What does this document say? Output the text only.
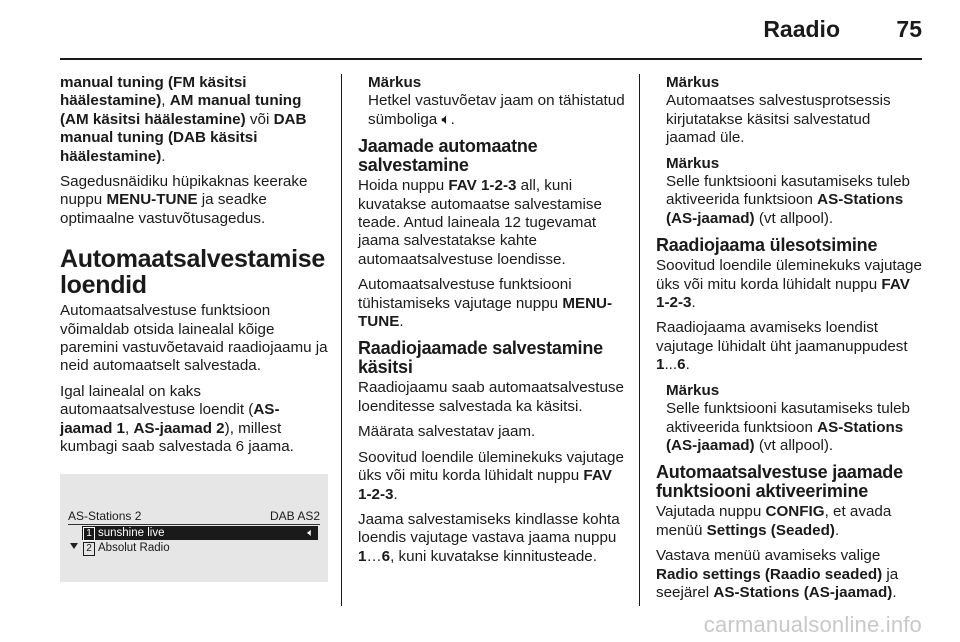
Raadio 75

manual tuning (FM käsitsi häälestamine), AM manual tuning (AM käsitsi häälestamine) või DAB manual tuning (DAB käsitsi häälestamine).

Sagedusnäidiku hüpikaknas keerake nuppu MENU-TUNE ja seadke optimaalne vastuvõtusagedus.

Automaatsalvestamise loendid

Automaatsalvestuse funktsioon võimaldab otsida lainealal kõige paremini vastuvõetavaid raadiojaamu ja neid automaatselt salvestada.

Igal lainealal on kaks automaatsalvestuse loendit (AS-jaamad 1, AS-jaamad 2), millest kumbagi saab salvestada 6 jaama.

AS-Stations 2	DAB AS2
1 sunshine live	🔈︎
2 Absolut Radio
Märkus
Hetkel vastuvõetav jaam on tähistatud sümboliga 🔈︎.
Jaamade automaatne salvestamine

Hoida nuppu FAV 1-2-3 all, kuni kuvatakse automaatse salvestamise teade. Antud laineala 12 tugevamat jaama salvestatakse kahte automaatsalvestuse loendisse.

Automaatsalvestuse funktsiooni tühistamiseks vajutage nuppu MENU-TUNE.

Raadiojaamade salvestamine käsitsi

Raadiojaamu saab automaatsalvestuse loenditesse salvestada ka käsitsi.

Määrata salvestatav jaam.

Soovitud loendile üleminekuks vajutage üks või mitu korda lühidalt nuppu FAV 1-2-3.

Jaama salvestamiseks kindlasse kohta loendis vajutage vastava jaama nuppu 1…6, kuni kuvatakse kinnitusteade.

Märkus
Automaatses salvestusprotsessis kirjutatakse käsitsi salvestatud jaamad üle.
Märkus
Selle funktsiooni kasutamiseks tuleb aktiveerida funktsioon AS-Stations (AS-jaamad) (vt allpool).
Raadiojaama ülesotsimine

Soovitud loendile üleminekuks vajutage üks või mitu korda lühidalt nuppu FAV 1-2-3.

Raadiojaama avamiseks loendist vajutage lühidalt üht jaamanuppudest 1...6.

Märkus
Selle funktsiooni kasutamiseks tuleb aktiveerida funktsioon AS-Stations (AS-jaamad) (vt allpool).
Automaatsalvestuse jaamade funktsiooni aktiveerimine

Vajutada nuppu CONFIG, et avada menüü Settings (Seaded).

Vastava menüü avamiseks valige Radio settings (Raadio seaded) ja seejärel AS-Stations (AS-jaamad).

carmanualsonline.info
